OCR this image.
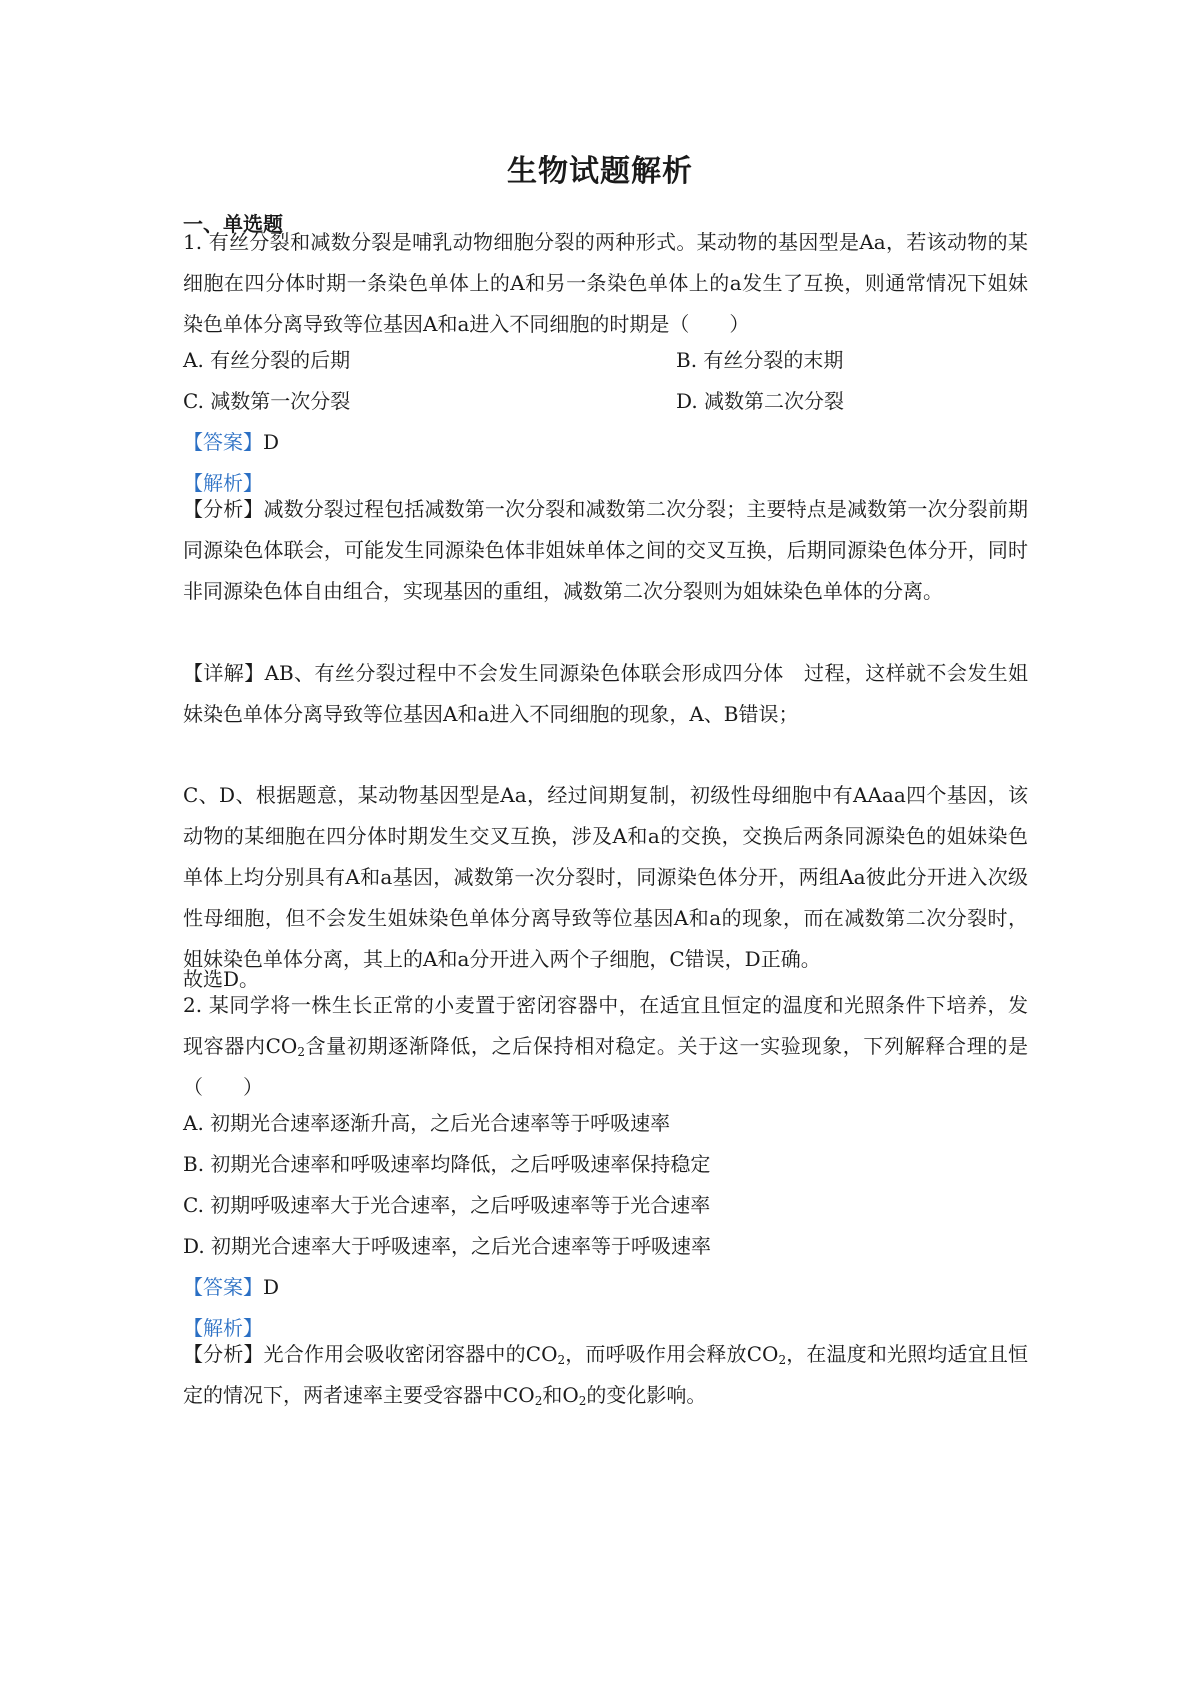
生物试题解析
一、单选题
1. 有丝分裂和减数分裂是哺乳动物细胞分裂的两种形式。某动物的基因型是Aa，若该动物的某细胞在四分体时期一条染色单体上的A和另一条染色单体上的a发生了互换，则通常情况下姐妹染色单体分离导致等位基因A和a进入不同细胞的时期是（　　）
A. 有丝分裂的后期	B. 有丝分裂的末期
C. 减数第一次分裂	D. 减数第二次分裂
【答案】D
【解析】
【分析】减数分裂过程包括减数第一次分裂和减数第二次分裂；主要特点是减数第一次分裂前期同源染色体联会，可能发生同源染色体非姐妹单体之间的交叉互换，后期同源染色体分开，同时非同源染色体自由组合，实现基因的重组，减数第二次分裂则为姐妹染色单体的分离。
【详解】AB、有丝分裂过程中不会发生同源染色体联会形成四分体　过程，这样就不会发生姐妹染色单体分离导致等位基因A和a进入不同细胞的现象，A、B错误；
C、D、根据题意，某动物基因型是Aa，经过间期复制，初级性母细胞中有AAaa四个基因，该动物的某细胞在四分体时期发生交叉互换，涉及A和a的交换，交换后两条同源染色的姐妹染色单体上均分别具有A和a基因，减数第一次分裂时，同源染色体分开，两组Aa彼此分开进入次级性母细胞，但不会发生姐妹染色单体分离导致等位基因A和a的现象，而在减数第二次分裂时，姐妹染色单体分离，其上的A和a分开进入两个子细胞，C错误，D正确。
故选D。
2. 某同学将一株生长正常的小麦置于密闭容器中，在适宜且恒定的温度和光照条件下培养，发现容器内$CO_2$含量初期逐渐降低，之后保持相对稳定。关于这一实验现象，下列解释合理的是（　　）
A. 初期光合速率逐渐升高，之后光合速率等于呼吸速率
B. 初期光合速率和呼吸速率均降低，之后呼吸速率保持稳定
C. 初期呼吸速率大于光合速率，之后呼吸速率等于光合速率
D. 初期光合速率大于呼吸速率，之后光合速率等于呼吸速率
【答案】D
【解析】
【分析】光合作用会吸收密闭容器中的$CO_2$，而呼吸作用会释放$CO_2$，在温度和光照均适宜且恒定的情况下，两者速率主要受容器中$CO_2$和$O_2$的变化影响。
